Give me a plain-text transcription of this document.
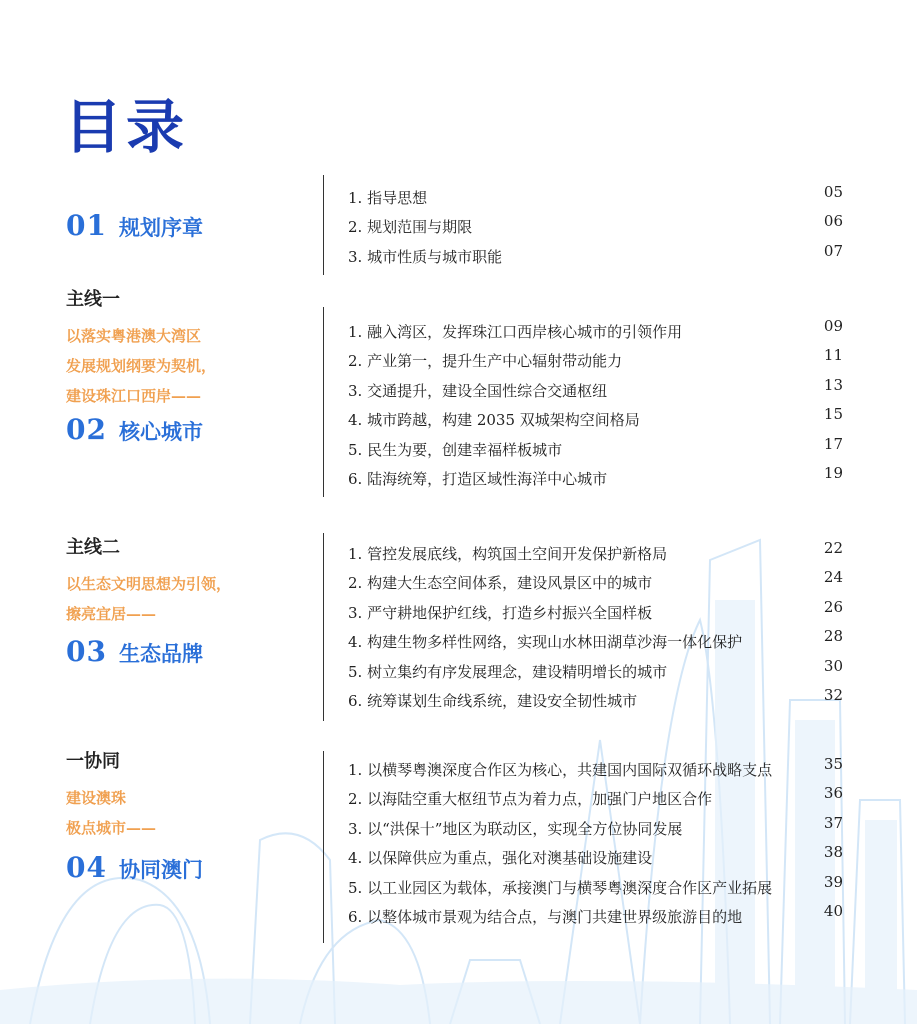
目录
01 规划序章
1. 指导思想	05
2. 规划范围与期限	06
3. 城市性质与城市职能	07
主线一
以落实粤港澳大湾区
发展规划纲要为契机，
建设珠江口西岸——
02 核心城市
1. 融入湾区，发挥珠江口西岸核心城市的引领作用	09
2. 产业第一，提升生产中心辐射带动能力	11
3. 交通提升，建设全国性综合交通枢纽	13
4. 城市跨越，构建 2035 双城架构空间格局	15
5. 民生为要，创建幸福样板城市	17
6. 陆海统筹，打造区域性海洋中心城市	19
主线二
以生态文明思想为引领，
擦亮宜居——
03 生态品牌
1. 管控发展底线，构筑国土空间开发保护新格局	22
2. 构建大生态空间体系，建设风景区中的城市	24
3. 严守耕地保护红线，打造乡村振兴全国样板	26
4. 构建生物多样性网络，实现山水林田湖草沙海一体化保护	28
5. 树立集约有序发展理念，建设精明增长的城市	30
6. 统筹谋划生命线系统，建设安全韧性城市	32
一协同
建设澳珠
极点城市——
04 协同澳门
1. 以横琴粤澳深度合作区为核心，共建国内国际双循环战略支点	35
2. 以海陆空重大枢纽节点为着力点，加强门户地区合作	36
3. 以“洪保十”地区为联动区，实现全方位协同发展	37
4. 以保障供应为重点，强化对澳基础设施建设	38
5. 以工业园区为载体，承接澳门与横琴粤澳深度合作区产业拓展	39
6. 以整体城市景观为结合点，与澳门共建世界级旅游目的地	40
